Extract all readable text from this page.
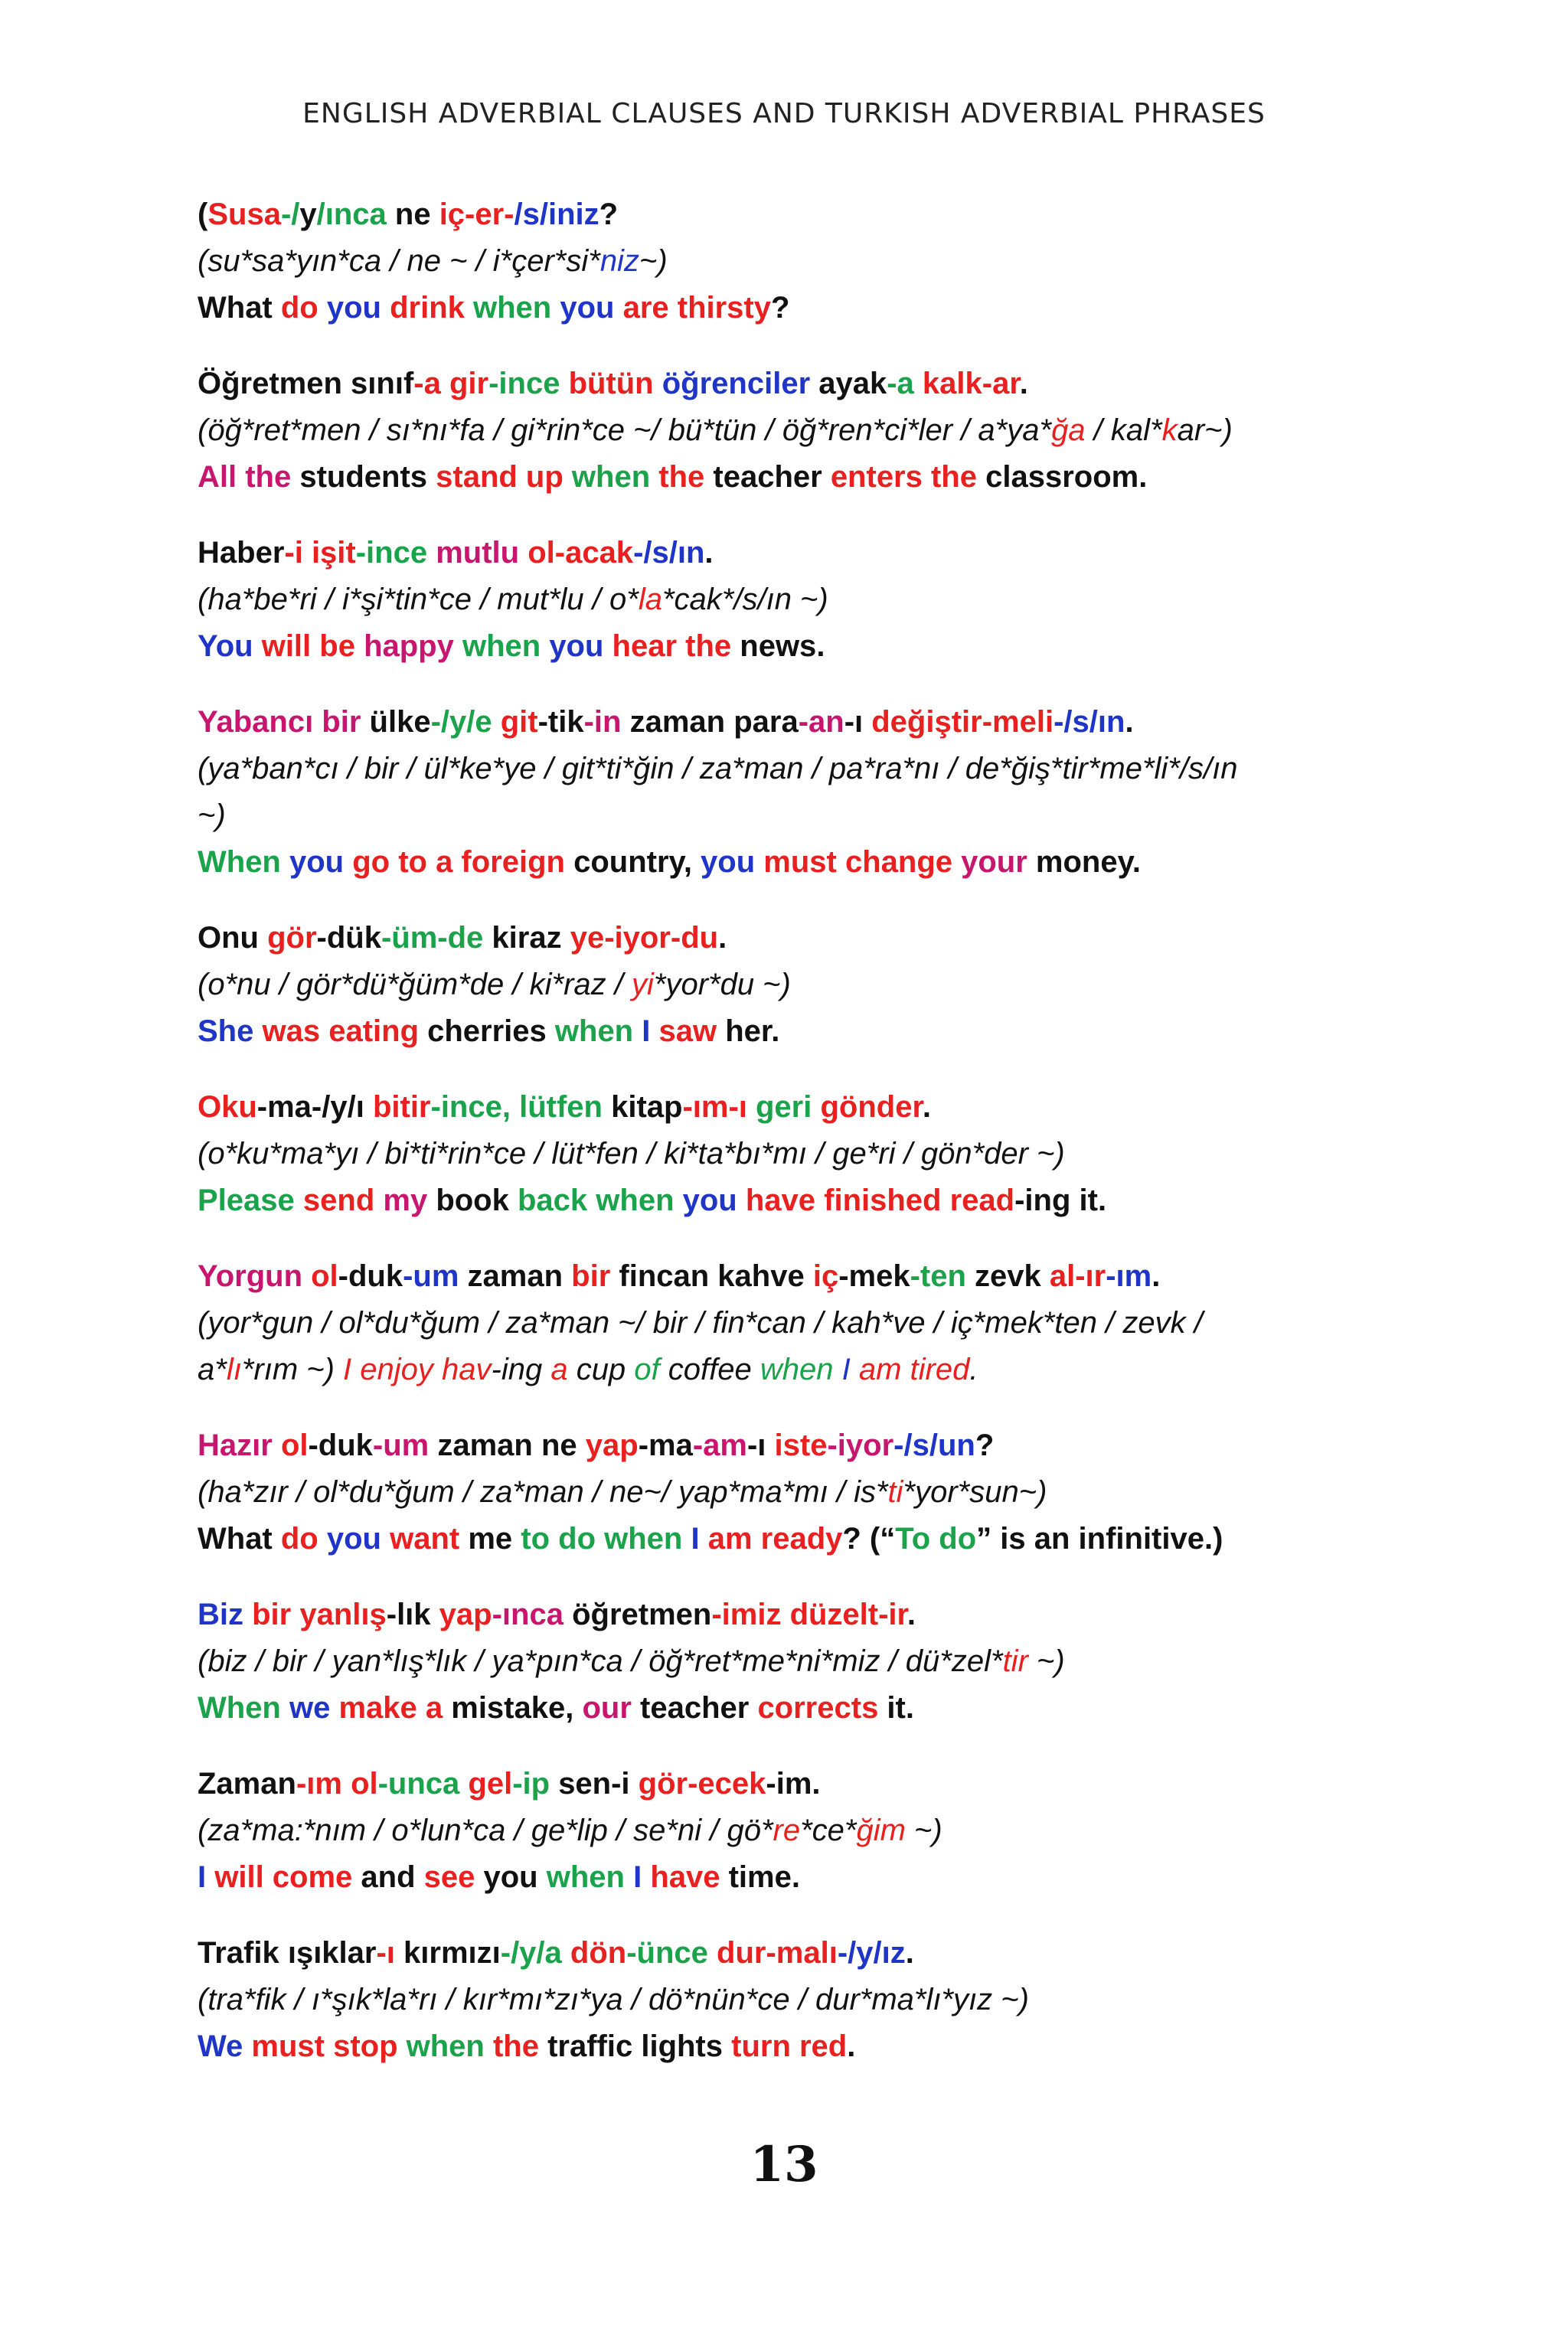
ENGLISH ADVERBIAL CLAUSES AND TURKISH ADVERBIAL PHRASES
(Susa-/y/ınca ne iç-er-/s/iniz?
(su*sa*yın*ca / ne ~ / i*çer*si*niz~)
What do you drink when you are thirsty?
Öğretmen sınıf-a gir-ince bütün öğrenciler ayak-a kalk-ar.
(öğ*ret*men / sı*nı*fa / gi*rin*ce ~/ bü*tün / öğ*ren*ci*ler / a*ya*ğa / kal*kar~)
All the students stand up when the teacher enters the classroom.
Haber-i işit-ince mutlu ol-acak-/s/ın.
(ha*be*ri / i*şi*tin*ce / mut*lu / o*la*cak*/s/ın ~)
You will be happy when you hear the news.
Yabancı bir ülke-/y/e git-tik-in zaman para-an-ı değiştir-meli-/s/ın.
(ya*ban*cı / bir / ül*ke*ye / git*ti*ğin / za*man / pa*ra*nı / de*ğiş*tir*me*li*/s/ın
~)
When you go to a foreign country, you must change your money.
Onu gör-dük-üm-de kiraz ye-iyor-du.
(o*nu / gör*dü*ğüm*de / ki*raz / yi*yor*du ~)
She was eating cherries when I saw her.
Oku-ma-/y/ı bitir-ince, lütfen kitap-ım-ı geri gönder.
(o*ku*ma*yı / bi*ti*rin*ce / lüt*fen / ki*ta*bı*mı / ge*ri / gön*der ~)
Please send my book back when you have finished read-ing it.
Yorgun ol-duk-um zaman bir fincan kahve iç-mek-ten zevk al-ır-ım.
(yor*gun / ol*du*ğum / za*man ~/ bir / fin*can / kah*ve / iç*mek*ten / zevk /
a*lı*rım ~) I enjoy hav-ing a cup of coffee when I am tired.
Hazır ol-duk-um zaman ne yap-ma-am-ı iste-iyor-/s/un?
(ha*zır / ol*du*ğum / za*man / ne~/ yap*ma*mı / is*ti*yor*sun~)
What do you want me to do when I am ready? (“To do” is an infinitive.)
Biz bir yanlış-lık yap-ınca öğretmen-imiz düzelt-ir.
(biz / bir / yan*lış*lık / ya*pın*ca / öğ*ret*me*ni*miz / dü*zel*tir ~)
When we make a mistake, our teacher corrects it.
Zaman-ım ol-unca gel-ip sen-i gör-ecek-im.
(za*ma:*nım / o*lun*ca / ge*lip / se*ni / gö*re*ce*ğim ~)
I will come and see you when I have time.
Trafik ışıklar-ı kırmızı-/y/a dön-ünce dur-malı-/y/ız.
(tra*fik / ı*şık*la*rı / kır*mı*zı*ya / dö*nün*ce / dur*ma*lı*yız ~)
We must stop when the traffic lights turn red.
13
